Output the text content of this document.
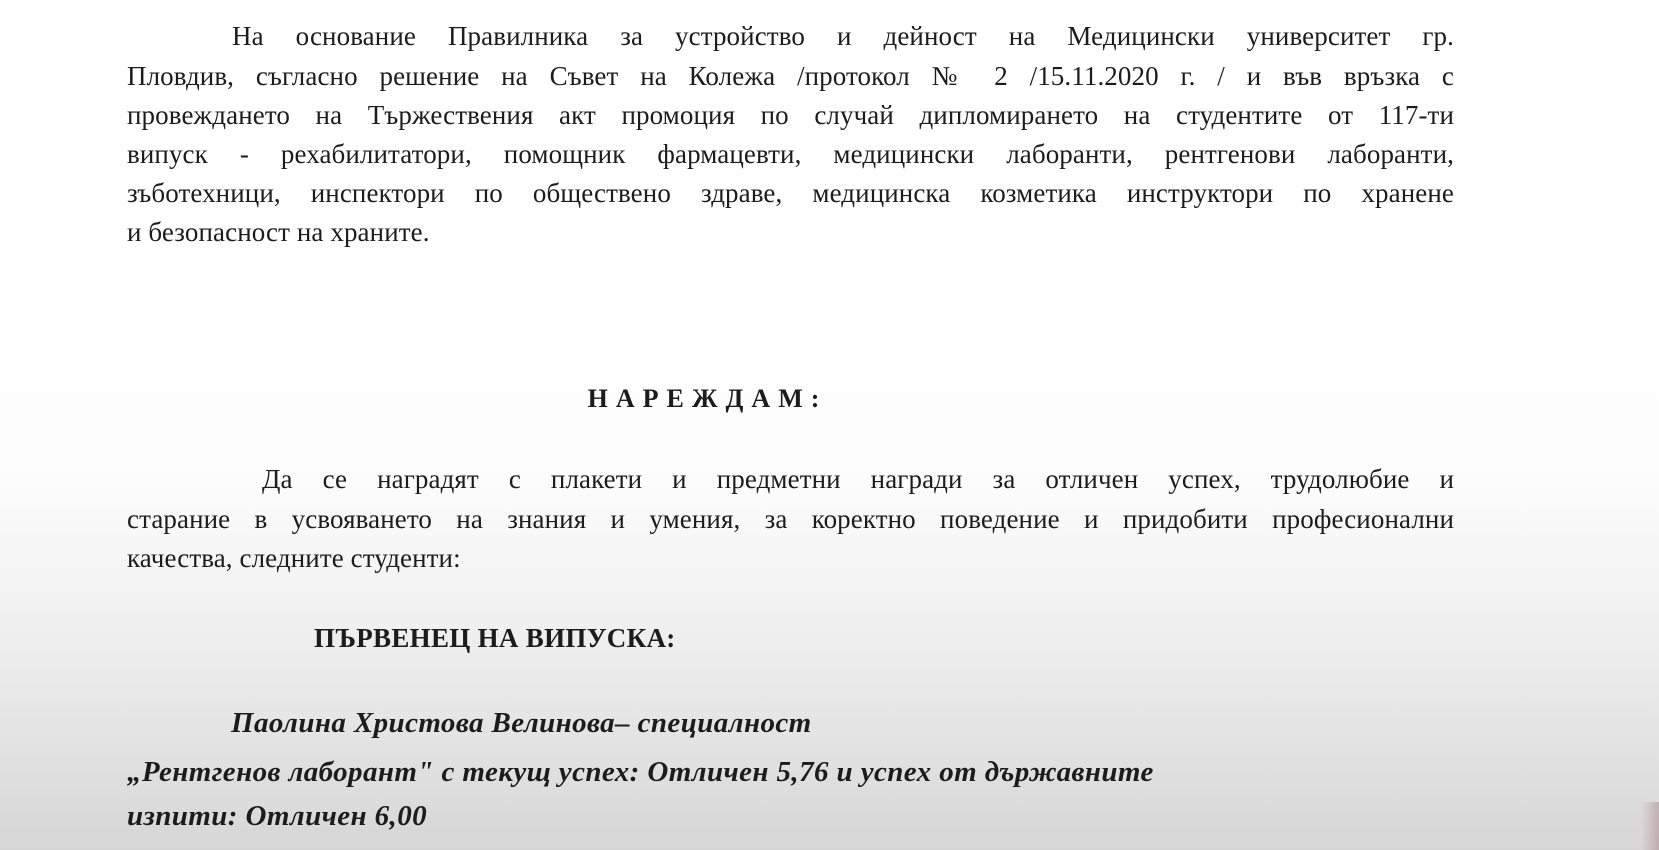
На основание Правилника за устройство и дейност на Медицински университет гр.
Пловдив, съгласно решение на Съвет на Колежа /протокол № 2 /15.11.2020 г. / и във връзка с
провеждането на Тържествения акт промоция по случай дипломирането на студентите от 117-ти
випуск - рехабилитатори, помощник фармацевти, медицински лаборанти, рентгенови лаборанти,
зъботехници, инспектори по обществено здраве, медицинска козметика инструктори по хранене
и безопасност на храните.
НАРЕЖДАМ:
Да се наградят с плакети и предметни награди за отличен успех, трудолюбие и
старание в усвояването на знания и умения, за коректно поведение и придобити професионални
качества, следните студенти:
ПЪРВЕНЕЦ НА ВИПУСКА:
Паолина Христова Велинова– специалност
„Рентгенов лаборант" с текущ успех: Отличен 5,76 и успех от държавните
изпити: Отличен 6,00
